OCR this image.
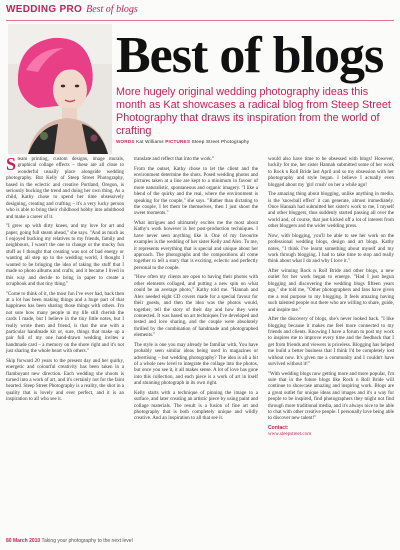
WEDDING PRO Best of blogs
Best of blogs

More hugely original wedding photography ideas this month as Kat showcases a radical blog from Steep Street Photography that draws its inspiration from the world of crafting

WORDS Kat Williams PICTURES Steep Street Photography

Steam printing, custom designs, image murals, graphical collage effects – these are all close to wonderful usually place alongside wedding photography. But Kelly of Steep Street Photography, based in the eclectic and creative Portland, Oregon, is seriously bucking the trend and doing her own thing. As a child, Kathy chose to spend her time obsessively designing, creating and crafting – it's a very lucky person who is able to bring their childhood hobby into adulthood and make a career of it.

"I grew up with dirty knees, and my love for art and paper, going full steam ahead," she says. "And as much as I enjoyed bucking my relatives to my friends, family and neighbours, I wasn't the one to change or the mucky fun stuff as I thought that creating was not of bad energy or wanting all step up to the wedding world, I thought I wanted to be bringing the idea of taking the stuff that I made so photo albums and crafts, and it became I lived in this way and decide to bring in paper to create a scrapbook and that tiny thing."

"Come to think of it, the most fun I've ever had, back then at a lot has been making things and a huge part of that happiness has been sharing those things with others. I'm not sure how many people in my life still cherish the cards I made, but I believe in the tiny little notes, but I really wrote them and friend, is that the one with a particular handmade kit or, sure, things that make up a pair full of my one hand-drawn wedding invites a handmade card – a memory on the shore right and it's not just sharing the whole heart with others."

Skip forward 20 years to the present day and her quirky, energetic and colourful creativity has been taken in a flamboyant new direction. Each wedding she shoots is turned into a work of art, and it's certainly not for the faint hearted. Steep Street Photography is a reality, the shot in a quality that is lovely and ever perfect, and it is an inspiration to all who see it.

translate and reflect that into the work."

From the outset, Kathy chose to let the client and the environment determine the shots. Posed wedding photos and pictures taken at a line are kept to a minimum in favour of more naturalistic, spontaneous and organic imagery. "I like a blend of the quirky and the real, where the environment is speaking for the couple," she says. "Rather than dictating to the couple, I let them be themselves, then I just shoot the sweet moments."

What intrigues and ultimately excites me the most about Kathy's work however is her post-production techniques. I have never seen anything like it. One of my favourite examples is the wedding of her sister Kelly and Alex. To me, it represents everything that is special and unique about her approach. The photographs and the compositions all come together to tell a story that is exciting, eclectic and perfectly personal to the couple.

"How often my clients are open to having their photos with other elements collaged, and putting a new spin on what could be an average photo," Kathy told me. "Hannah and Alex needed eight CD covers made for a special favour for their guests, and then the idea was the photos would, together, tell the story of their day and how they were connected. It was based on art techniques I've developed and tested and love sharing, and the couple were absolutely thrilled by the combination of handmade and photographed elements."

The style is one you may already be familiar with. You have probably seen similar ideas being used in magazines or advertising – but wedding photography? The idea is all a bit of a whole new level to integrate the collage into the photos, but once you see it, it all makes sense. A lot of love has gone into this collection, and each piece is a work of art in itself and stunning photograph in its own right.

Kelly starts with a technique of pinning the image to a surface, and later creating an artistic piece by using paint and collage materials. The result is a fusion of fine art and photography that is both completely unique and wildly creative. And an inspiration to all that see it.

would also have time to be obsessed with blogs! However, luckily for me, her sister Hannah submitted some of her work to Rock n Roll Bride last April and so my obsession with her photography and style began. I believe I actually even blogged about my 'girl crush' on her a while ago!

The amazing thing about blogging, unlike anything in media, is the 'snowball effect' it can generate, almost immediately. Once Hannah had submitted her sister's work to me, I myself and other bloggers, thus suddenly started passing all over the world and, of course, that just kicked off a lot of interest from other bloggers and the wider wedding press.

Now, with blogging, you'll be able to see her work on the professional wedding blogs, design and art blogs. Kathy notes, "I think I've learnt something about myself and my work through blogging. I had to take time to stop and really think about what I do and why I love it."

After winning Rock n Roll Bride and other blogs, a new outlet for her work began to emerge. "Had I just begun blogging and discovering the wedding blogs fifteen years ago," she told me, "Other photographers and fans have given me a real purpose to my blogging. It feels amazing having such talented people out there who are willing to share, guide, and inspire me."

After the discovery of blogs, she's never looked back. "I like blogging because it makes me feel more connected to my friends and clients. Knowing I have a forum to post my work to inspires me to improve every time and the feedback that I get from friends and viewers is priceless. Blogging has helped me build a better business that I think I'd be completely lost without now. It's given me a community and I couldn't have survived without it!"

"With wedding blogs now getting more and more popular, I'm sure that in the future blogs like Rock n Roll Bride will continue to showcase amazing and inspiring work. Blogs are a great outlet for unique ideas and images and it's a way for people to be inspired, find photographers they might not find through more traditional media, and it's always nice to be able to chat with other creative people. I personally love being able to discover new talent!"

Contact:
www.steepstreet.com
80 March 2010 Taking your photography to the next level
